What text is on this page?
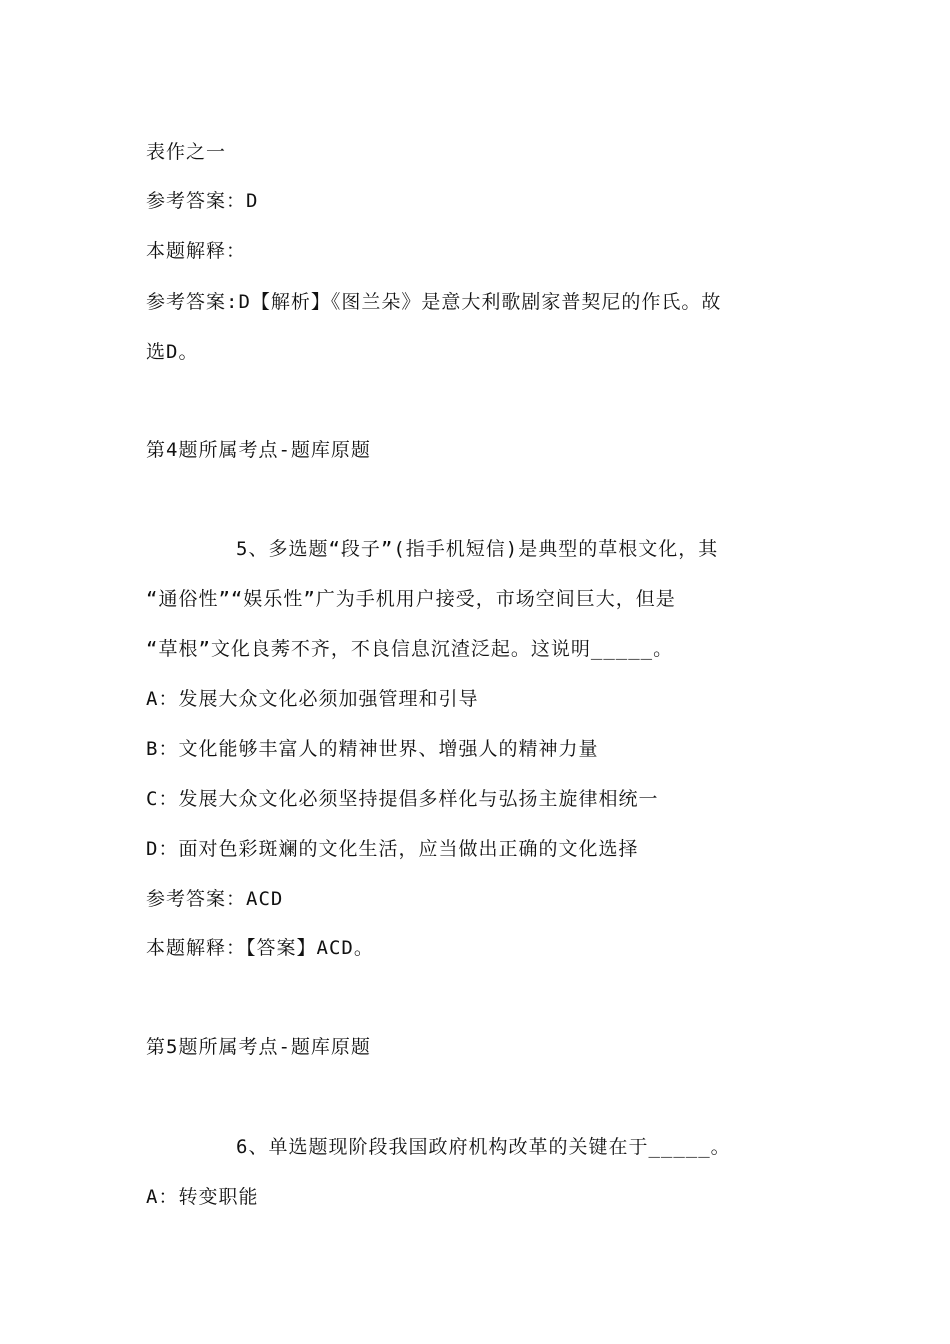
表作之一
参考答案：D
本题解释：
参考答案:D【解析】《图兰朵》是意大利歌剧家普契尼的作氏。故
选D。
第4题所属考点-题库原题
5、多选题“段子”(指手机短信)是典型的草根文化，其
“通俗性”“娱乐性”广为手机用户接受，市场空间巨大，但是
“草根”文化良莠不齐，不良信息沉渣泛起。这说明_____。
A：发展大众文化必须加强管理和引导
B：文化能够丰富人的精神世界、增强人的精神力量
C：发展大众文化必须坚持提倡多样化与弘扬主旋律相统一
D：面对色彩斑斓的文化生活，应当做出正确的文化选择
参考答案：ACD
本题解释：【答案】ACD。
第5题所属考点-题库原题
6、单选题现阶段我国政府机构改革的关键在于_____。
A：转变职能
